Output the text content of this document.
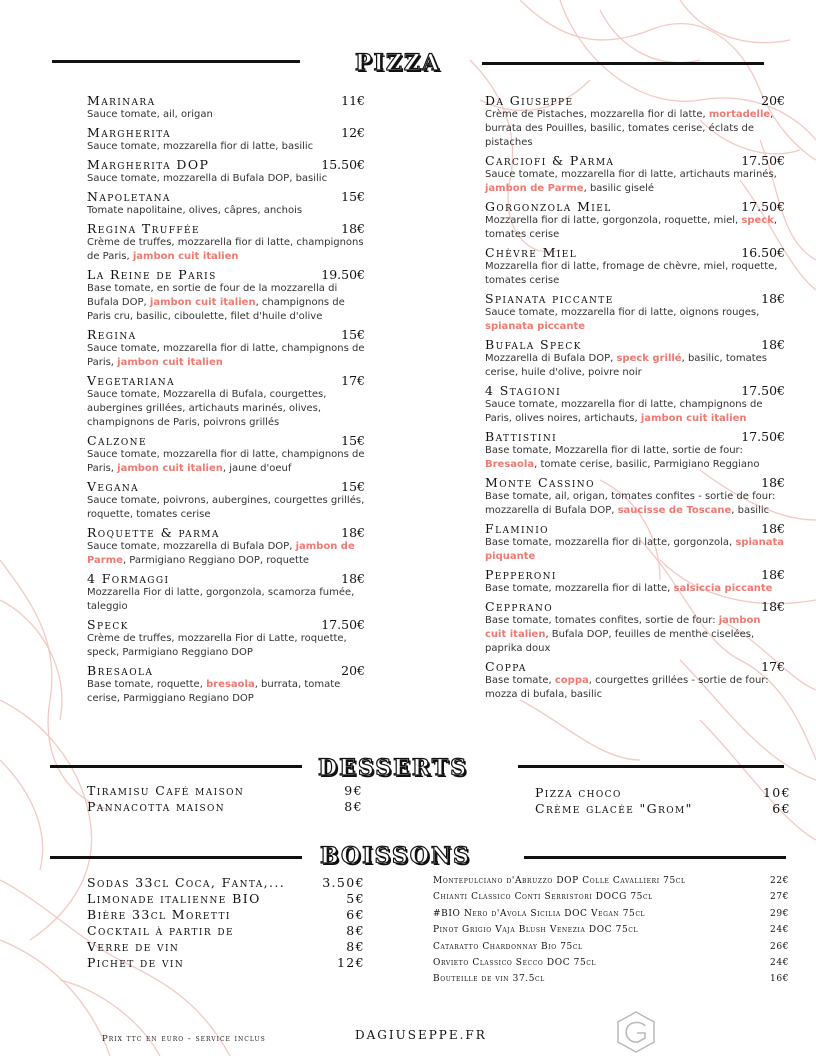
PIZZA
Marinara	11€
Sauce tomate, ail, origan
Margherita	12€
Sauce tomate, mozzarella fior di latte, basilic
Margherita DOP	15.50€
Sauce tomate, mozzarella di Bufala DOP, basilic
Napoletana	15€
Tomate napolitaine, olives, câpres, anchois
Regina Truffée	18€
Crème de truffes, mozzarella fior di latte, champignons de Paris, jambon cuit italien
La Reine de Paris	19.50€
Base tomate, en sortie de four de la mozzarella di Bufala DOP, jambon cuit italien, champignons de Paris cru, basilic, ciboulette, filet d'huile d'olive
Regina	15€
Sauce tomate, mozzarella fior di latte, champignons de Paris, jambon cuit italien
Vegetariana	17€
Sauce tomate, Mozzarella di Bufala, courgettes, aubergines grillées, artichauts marinés, olives, champignons de Paris, poivrons grillés
Calzone	15€
Sauce tomate, mozzarella fior di latte, champignons de Paris, jambon cuit italien, jaune d'oeuf
Vegana	15€
Sauce tomate, poivrons, aubergines, courgettes grillés, roquette, tomates cerise
Roquette & parma	18€
Sauce tomate, mozzarella di Bufala DOP, jambon de Parme, Parmigiano Reggiano DOP, roquette
4 Formaggi	18€
Mozzarella Fior di latte, gorgonzola, scamorza fumée, taleggio
Speck	17.50€
Crème de truffes, mozzarella Fior di Latte, roquette, speck, Parmigiano Reggiano DOP
Bresaola	20€
Base tomate, roquette, bresaola, burrata, tomate cerise, Parmiggiano Regiano DOP
Da Giuseppe	20€
Crème de Pistaches, mozzarella fior di latte, mortadelle, burrata des Pouilles, basilic, tomates cerise, éclats de pistaches
Carciofi & Parma	17.50€
Sauce tomate, mozzarella fior di latte, artichauts marinés, jambon de Parme, basilic giselé
Gorgonzola Miel	17.50€
Mozzarella fior di latte, gorgonzola, roquette, miel, speck, tomates cerise
Chèvre Miel	16.50€
Mozzarella fior di latte, fromage de chèvre, miel, roquette, tomates cerise
Spianata piccante	18€
Sauce tomate, mozzarella fior di latte, oignons rouges, spianata piccante
Bufala Speck	18€
Mozzarella di Bufala DOP, speck grillé, basilic, tomates cerise, huile d'olive, poivre noir
4 Stagioni	17.50€
Sauce tomate, mozzarella fior di latte, champignons de Paris, olives noires, artichauts, jambon cuit italien
Battistini	17.50€
Base tomate, Mozzarella fior di latte, sortie de four: Bresaola, tomate cerise, basilic, Parmigiano Reggiano
Monte Cassino	18€
Base tomate, ail, origan, tomates confites - sortie de four: mozzarella di Bufala DOP, saucisse de Toscane, basilic
Flaminio	18€
Base tomate, mozzarella fior di latte, gorgonzola, spianata piquante
Pepperoni	18€
Base tomate, mozzarella fior di latte, salsiccia piccante
Cepprano	18€
Base tomate, tomates confites, sortie de four: jambon cuit italien, Bufala DOP, feuilles de menthe ciselées, paprika doux
Coppa	17€
Base tomate, coppa, courgettes grillées - sortie de four: mozza di bufala, basilic
DESSERTS
Tiramisu Café maison	9€
Pannacotta maison	8€
Pizza choco	10€
Crème glacée "Grom"	6€
BOISSONS
Sodas 33cl Coca, Fanta,...	3.50€
Limonade italienne BIO	5€
Bière 33cl Moretti	6€
Cocktail à partir de	8€
Verre de vin	8€
Pichet de vin	12€
Montepulciano d'Abruzzo DOP Colle Cavallieri 75cl	22€
Chianti Classico Conti Serristori DOCG 75cl	27€
#BIO Nero d'Avola Sicilia DOC Vegan 75cl	29€
Pinot Grigio Vaja Blush Venezia DOC 75cl	24€
Cataratto Chardonnay Bio 75cl	26€
Orvieto Classico Secco DOC 75cl	24€
Bouteille de vin 37.5cl	16€
Prix ttc en euro - service inclus	DAGIUSEPPE.FR
